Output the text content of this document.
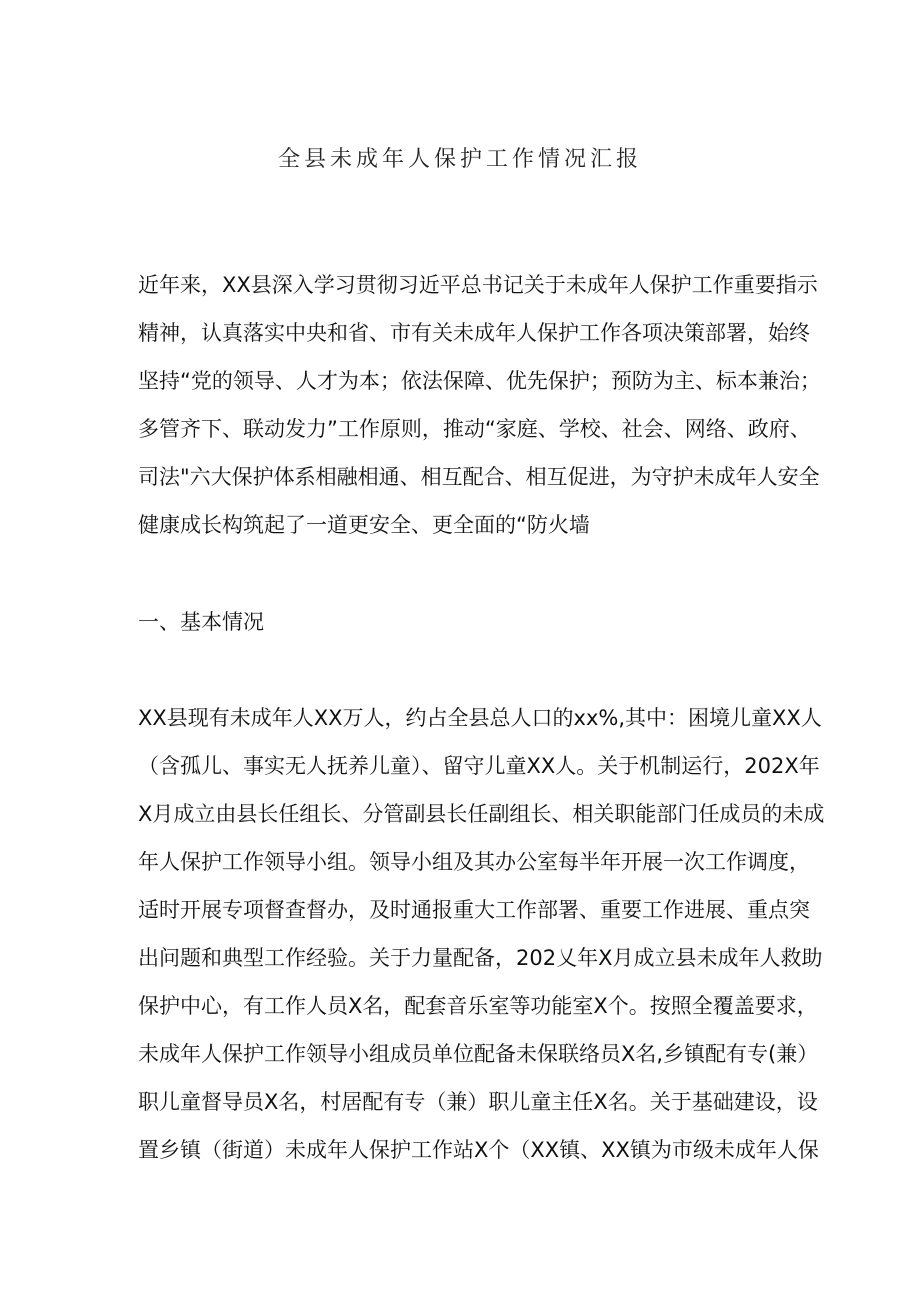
全县未成年人保护工作情况汇报
近年来，XX县深入学习贯彻习近平总书记关于未成年人保护工作重要指示
精神，认真落实中央和省、市有关未成年人保护工作各项决策部署，始终
坚持“党的领导、人才为本；依法保障、优先保护；预防为主、标本兼治；
多管齐下、联动发力”工作原则，推动“家庭、学校、社会、网络、政府、
司法"六大保护体系相融相通、相互配合、相互促进，为守护未成年人安全
健康成长构筑起了一道更安全、更全面的“防火墙
一、基本情况
XX县现有未成年人XX万人，约占全县总人口的xx%,其中：困境儿童XX人
（含孤儿、事实无人抚养儿童）、留守儿童XX人。关于机制运行，202X年
X月成立由县长任组长、分管副县长任副组长、相关职能部门任成员的未成
年人保护工作领导小组。领导小组及其办公室每半年开展一次工作调度，
适时开展专项督查督办，及时通报重大工作部署、重要工作进展、重点突
出问题和典型工作经验。关于力量配备，202乂年X月成立县未成年人救助
保护中心，有工作人员X名，配套音乐室等功能室X个。按照全覆盖要求，
未成年人保护工作领导小组成员单位配备未保联络员X名,乡镇配有专(兼）
职儿童督导员X名，村居配有专（兼）职儿童主任X名。关于基础建设，设
置乡镇（街道）未成年人保护工作站X个（XX镇、XX镇为市级未成年人保
